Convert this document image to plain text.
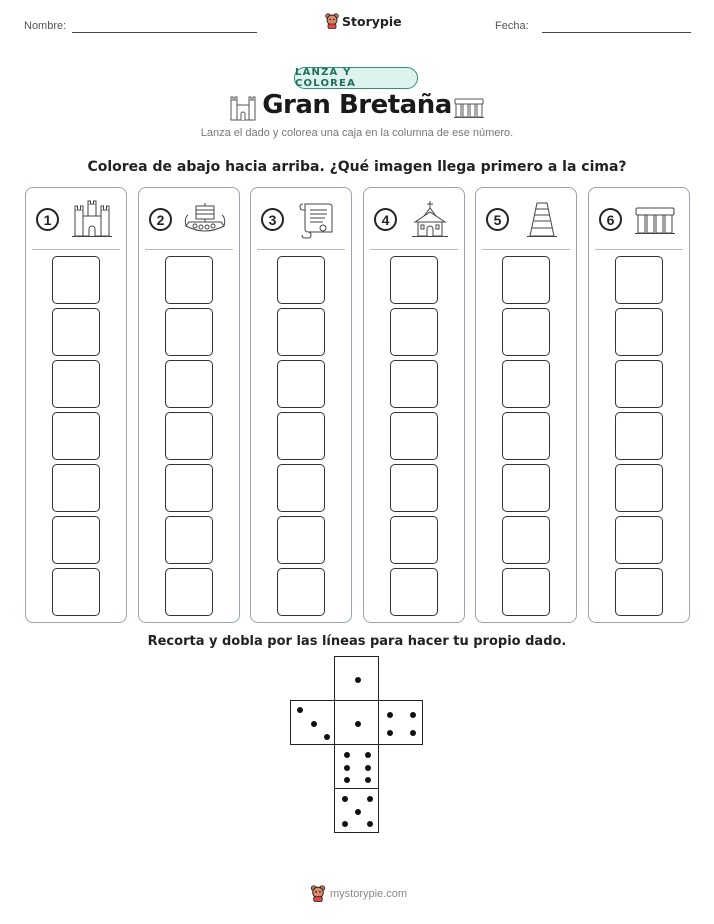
Nombre:	Storypie	Fecha:
LANZA Y COLOREA
Gran Bretaña
Lanza el dado y colorea una caja en la columna de ese número.
Colorea de abajo hacia arriba. ¿Qué imagen llega primero a la cima?
1	2	3	4	5	6
Recorta y dobla por las líneas para hacer tu propio dado.
mystorypie.com
